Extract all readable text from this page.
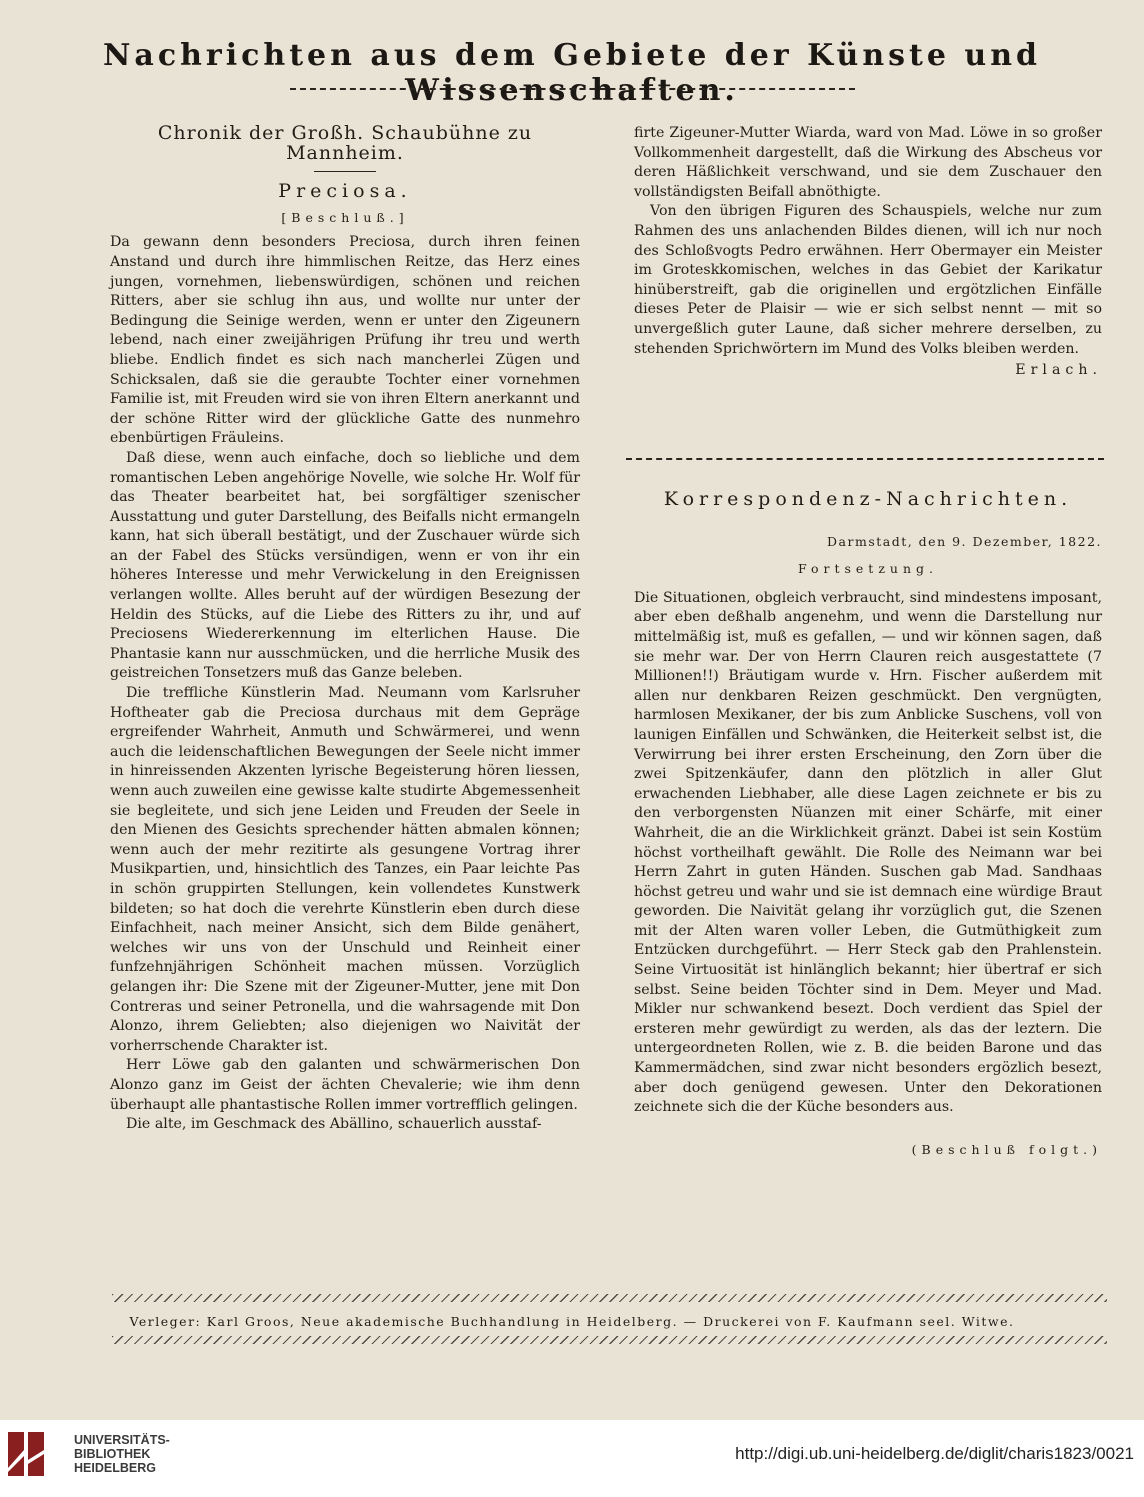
Nachrichten aus dem Gebiete der Künste und Wissenschaften.
Chronik der Großh. Schaubühne zu Mannheim.
Preciosa.
[Beschluß.]

Da gewann denn besonders Preciosa, durch ihren feinen Anstand und durch ihre himmlischen Reitze, das Herz eines jungen, vornehmen, liebenswürdigen, schönen und reichen Ritters, aber sie schlug ihn aus, und wollte nur unter der Bedingung die Seinige werden, wenn er unter den Zigeunern lebend, nach einer zweijährigen Prüfung ihr treu und werth bliebe. Endlich findet es sich nach mancherlei Zügen und Schicksalen, daß sie die geraubte Tochter einer vornehmen Familie ist, mit Freuden wird sie von ihren Eltern anerkannt und der schöne Ritter wird der glückliche Gatte des nunmehro ebenbürtigen Fräuleins.

Daß diese, wenn auch einfache, doch so liebliche und dem romantischen Leben angehörige Novelle, wie solche Hr. Wolf für das Theater bearbeitet hat, bei sorgfältiger szenischer Ausstattung und guter Darstellung, des Beifalls nicht ermangeln kann, hat sich überall bestätigt, und der Zuschauer würde sich an der Fabel des Stücks versündigen, wenn er von ihr ein höheres Interesse und mehr Verwickelung in den Ereignissen verlangen wollte. Alles beruht auf der würdigen Besezung der Heldin des Stücks, auf die Liebe des Ritters zu ihr, und auf Preciosens Wiedererkennung im elterlichen Hause. Die Phantasie kann nur ausschmücken, und die herrliche Musik des geistreichen Tonsetzers muß das Ganze beleben.

Die treffliche Künstlerin Mad. Neumann vom Karlsruher Hoftheater gab die Preciosa durchaus mit dem Gepräge ergreifender Wahrheit, Anmuth und Schwärmerei, und wenn auch die leidenschaftlichen Bewegungen der Seele nicht immer in hinreissenden Akzenten lyrische Begeisterung hören liessen, wenn auch zuweilen eine gewisse kalte studirte Abgemessenheit sie begleitete, und sich jene Leiden und Freuden der Seele in den Mienen des Gesichts sprechender hätten abmalen können; wenn auch der mehr rezitirte als gesungene Vortrag ihrer Musikpartien, und, hinsichtlich des Tanzes, ein Paar leichte Pas in schön gruppirten Stellungen, kein vollendetes Kunstwerk bildeten; so hat doch die verehrte Künstlerin eben durch diese Einfachheit, nach meiner Ansicht, sich dem Bilde genähert, welches wir uns von der Unschuld und Reinheit einer funfzehnjährigen Schönheit machen müssen. Vorzüglich gelangen ihr: Die Szene mit der Zigeuner-Mutter, jene mit Don Contreras und seiner Petronella, und die wahrsagende mit Don Alonzo, ihrem Geliebten; also diejenigen wo Naivität der vorherrschende Charakter ist.

Herr Löwe gab den galanten und schwärmerischen Don Alonzo ganz im Geist der ächten Chevalerie; wie ihm denn überhaupt alle phantastische Rollen immer vortrefflich gelingen.

Die alte, im Geschmack des Abällino, schauerlich ausstaf-

firte Zigeuner-Mutter Wiarda, ward von Mad. Löwe in so großer Vollkommenheit dargestellt, daß die Wirkung des Abscheus vor deren Häßlichkeit verschwand, und sie dem Zuschauer den vollständigsten Beifall abnöthigte.

Von den übrigen Figuren des Schauspiels, welche nur zum Rahmen des uns anlachenden Bildes dienen, will ich nur noch des Schloßvogts Pedro erwähnen. Herr Obermayer ein Meister im Groteskkomischen, welches in das Gebiet der Karikatur hinüberstreift, gab die originellen und ergötzlichen Einfälle dieses Peter de Plaisir — wie er sich selbst nennt — mit so unvergeßlich guter Laune, daß sicher mehrere derselben, zu stehenden Sprichwörtern im Mund des Volks bleiben werden.

Erlach.
Korrespondenz-Nachrichten.
Darmstadt, den 9. Dezember, 1822.
Fortsetzung.

Die Situationen, obgleich verbraucht, sind mindestens imposant, aber eben deßhalb angenehm, und wenn die Darstellung nur mittelmäßig ist, muß es gefallen, — und wir können sagen, daß sie mehr war. Der von Herrn Clauren reich ausgestattete (7 Millionen!!) Bräutigam wurde v. Hrn. Fischer außerdem mit allen nur denkbaren Reizen geschmückt. Den vergnügten, harmlosen Mexikaner, der bis zum Anblicke Suschens, voll von launigen Einfällen und Schwänken, die Heiterkeit selbst ist, die Verwirrung bei ihrer ersten Erscheinung, den Zorn über die zwei Spitzenkäufer, dann den plötzlich in aller Glut erwachenden Liebhaber, alle diese Lagen zeichnete er bis zu den verborgensten Nüanzen mit einer Schärfe, mit einer Wahrheit, die an die Wirklichkeit gränzt. Dabei ist sein Kostüm höchst vortheilhaft gewählt. Die Rolle des Neimann war bei Herrn Zahrt in guten Händen. Suschen gab Mad. Sandhaas höchst getreu und wahr und sie ist demnach eine würdige Braut geworden. Die Naivität gelang ihr vorzüglich gut, die Szenen mit der Alten waren voller Leben, die Gutmüthigkeit zum Entzücken durchgeführt. — Herr Steck gab den Prahlenstein. Seine Virtuosität ist hinlänglich bekannt; hier übertraf er sich selbst. Seine beiden Töchter sind in Dem. Meyer und Mad. Mikler nur schwankend besezt. Doch verdient das Spiel der ersteren mehr gewürdigt zu werden, als das der leztern. Die untergeordneten Rollen, wie z. B. die beiden Barone und das Kammermädchen, sind zwar nicht besonders ergözlich besezt, aber doch genügend gewesen. Unter den Dekorationen zeichnete sich die der Küche besonders aus.

(Beschluß folgt.)
Verleger: Karl Groos, Neue akademische Buchhandlung in Heidelberg. — Druckerei von F. Kaufmann seel. Witwe.
UNIVERSITÄTS-
BIBLIOTHEK
HEIDELBERG
http://digi.ub.uni-heidelberg.de/diglit/charis1823/0021
